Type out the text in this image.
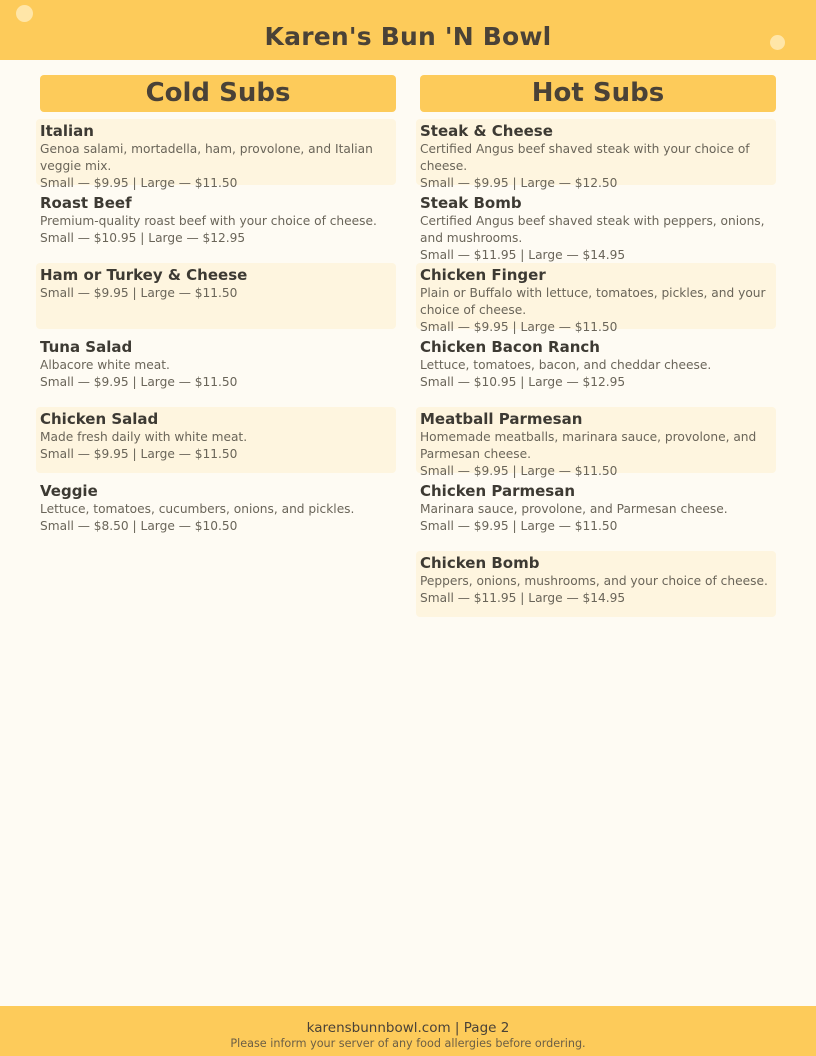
Karen's Bun 'N Bowl
Cold Subs
Italian
Genoa salami, mortadella, ham, provolone, and Italian veggie mix.
Small — $9.95 | Large — $11.50
Roast Beef
Premium-quality roast beef with your choice of cheese.
Small — $10.95 | Large — $12.95
Ham or Turkey & Cheese
Small — $9.95 | Large — $11.50
Tuna Salad
Albacore white meat.
Small — $9.95 | Large — $11.50
Chicken Salad
Made fresh daily with white meat.
Small — $9.95 | Large — $11.50
Veggie
Lettuce, tomatoes, cucumbers, onions, and pickles.
Small — $8.50 | Large — $10.50
Hot Subs
Steak & Cheese
Certified Angus beef shaved steak with your choice of cheese.
Small — $9.95 | Large — $12.50
Steak Bomb
Certified Angus beef shaved steak with peppers, onions, and mushrooms.
Small — $11.95 | Large — $14.95
Chicken Finger
Plain or Buffalo with lettuce, tomatoes, pickles, and your choice of cheese.
Small — $9.95 | Large — $11.50
Chicken Bacon Ranch
Lettuce, tomatoes, bacon, and cheddar cheese.
Small — $10.95 | Large — $12.95
Meatball Parmesan
Homemade meatballs, marinara sauce, provolone, and Parmesan cheese.
Small — $9.95 | Large — $11.50
Chicken Parmesan
Marinara sauce, provolone, and Parmesan cheese.
Small — $9.95 | Large — $11.50
Chicken Bomb
Peppers, onions, mushrooms, and your choice of cheese.
Small — $11.95 | Large — $14.95
karensbunnbowl.com | Page 2
Please inform your server of any food allergies before ordering.
